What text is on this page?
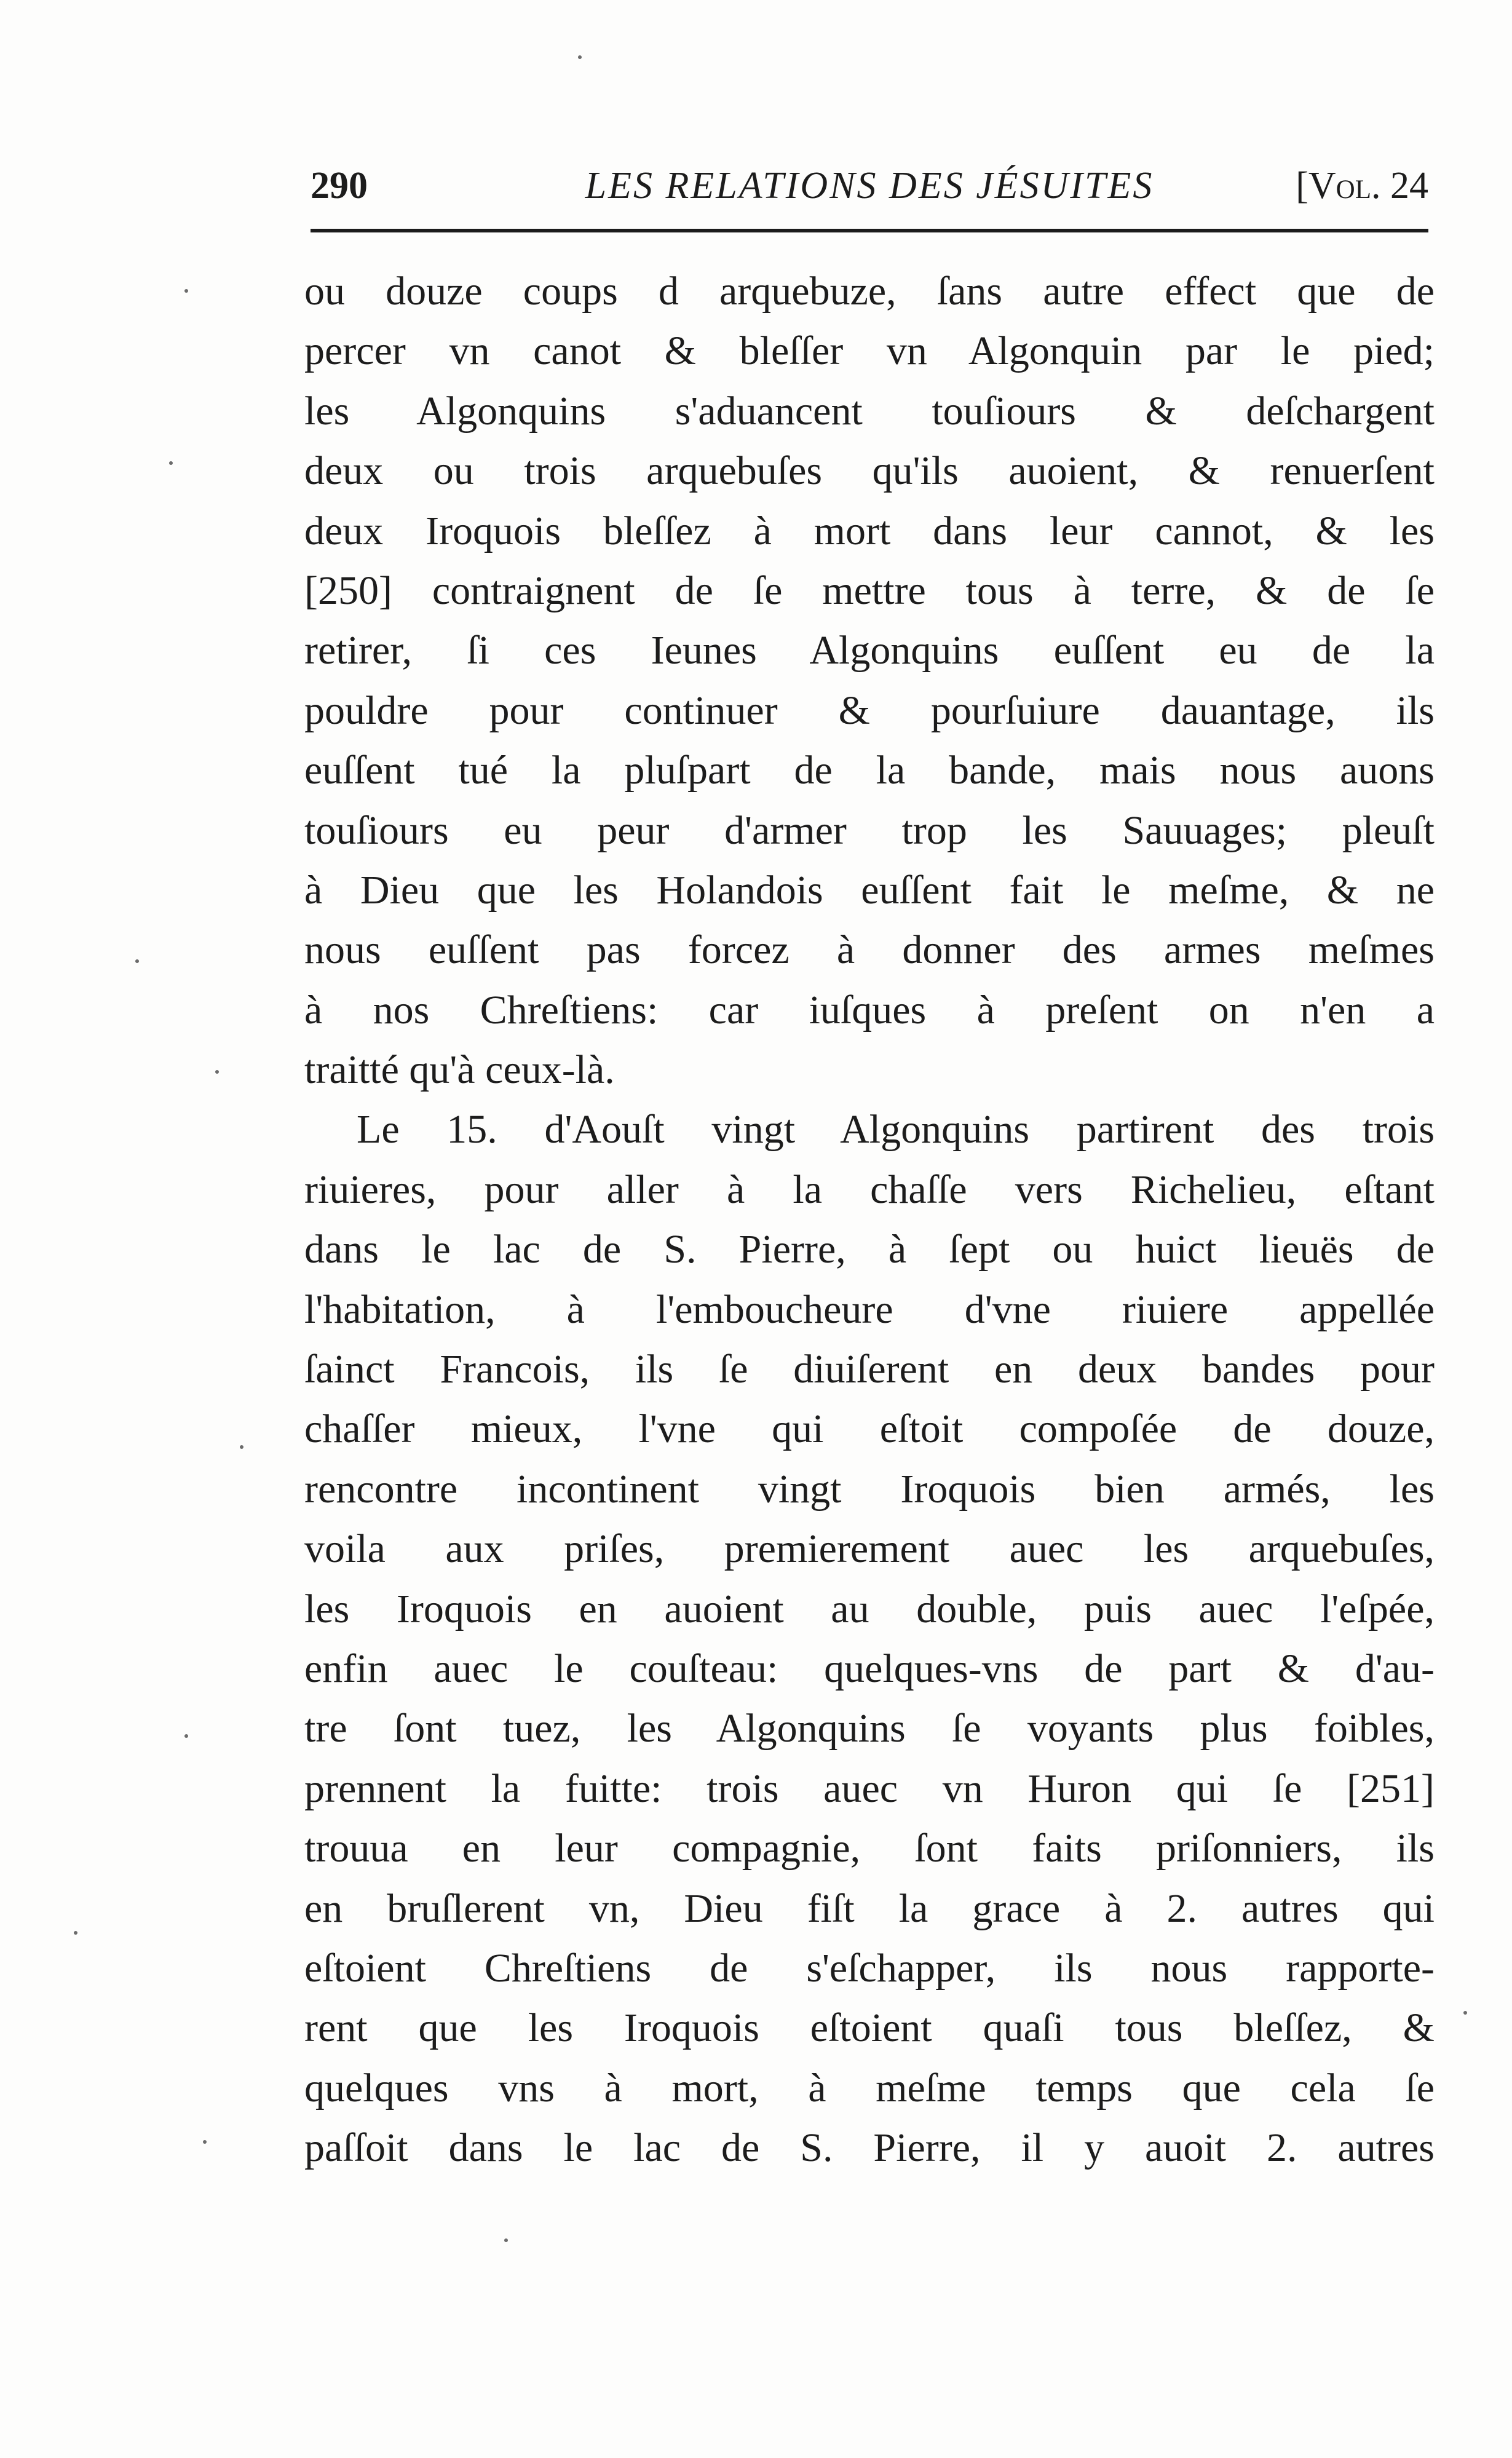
290	LES RELATIONS DES JÉSUITES	[Vol. 24
ou douze coups d arquebuze, ſans autre effect que de
percer vn canot & bleſſer vn Algonquin par le pied;
les Algonquins s'aduancent touſiours & deſchargent
deux ou trois arquebuſes qu'ils auoient, & renuerſent
deux Iroquois bleſſez à mort dans leur cannot, & les
[250] contraignent de ſe mettre tous à terre, & de ſe
retirer, ſi ces Ieunes Algonquins euſſent eu de la
pouldre pour continuer & pourſuiure dauantage, ils
euſſent tué la pluſpart de la bande, mais nous auons
touſiours eu peur d'armer trop les Sauuages; pleuſt
à Dieu que les Holandois euſſent fait le meſme, & ne
nous euſſent pas forcez à donner des armes meſmes
à nos Chreſtiens: car iuſques à preſent on n'en a
traitté qu'à ceux-là.
Le 15. d'Aouſt vingt Algonquins partirent des trois
riuieres, pour aller à la chaſſe vers Richelieu, eſtant
dans le lac de S. Pierre, à ſept ou huict lieuës de
l'habitation, à l'embouchеure d'vne riuiere appellée
ſainct Francois, ils ſe diuiſerent en deux bandes pour
chaſſer mieux, l'vne qui eſtoit compoſée de douze,
rencontre incontinent vingt Iroquois bien armés, les
voila aux priſes, premierement auec les arquebuſes,
les Iroquois en auoient au double, puis auec l'eſpée,
enfin auec le couſteau: quelques-vns de part & d'au-
tre ſont tuez, les Algonquins ſe voyants plus foibles,
prennent la fuitte: trois auec vn Huron qui ſe [251]
trouua en leur compagnie, ſont faits priſonniers, ils
en bruſlerent vn, Dieu fiſt la grace à 2. autres qui
eſtoient Chreſtiens de s'eſchapper, ils nous rapporte-
rent que les Iroquois eſtoient quaſi tous bleſſez, &
quelques vns à mort, à meſme temps que cela ſe
paſſoit dans le lac de S. Pierre, il y auoit 2. autres
